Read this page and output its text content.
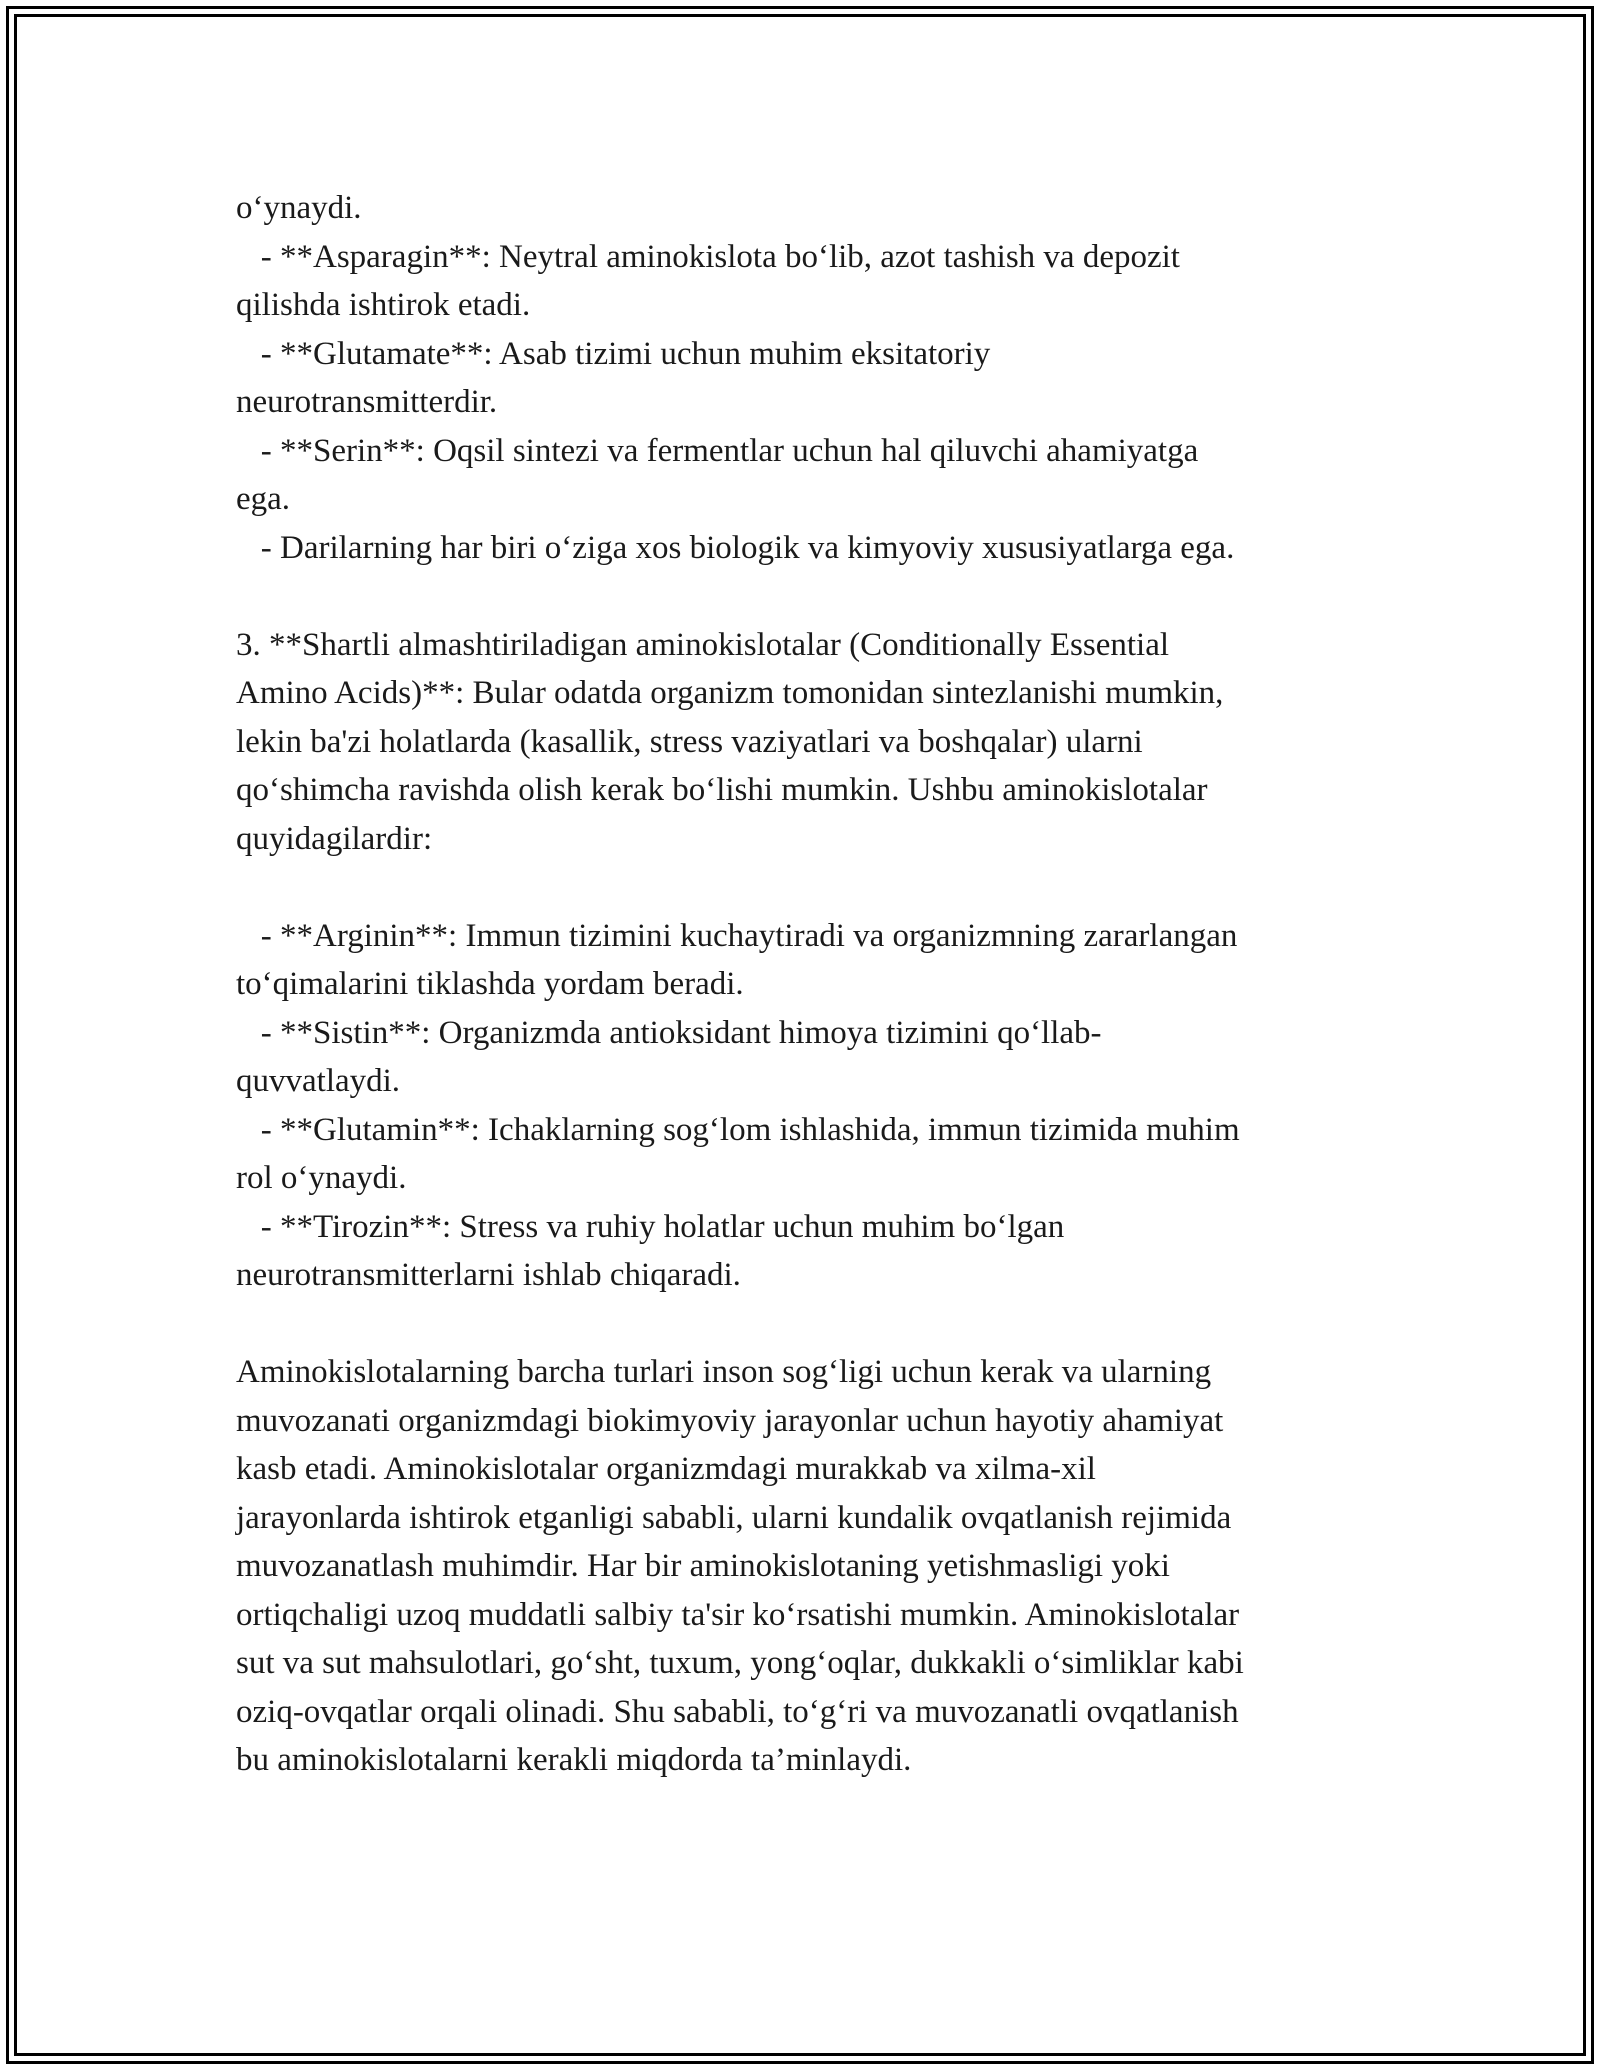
o‘ynaydi.

- **Asparagin**: Neytral aminokislota bo‘lib, azot tashish va depozit

qilishda ishtirok etadi.

- **Glutamate**: Asab tizimi uchun muhim eksitatoriy

neurotransmitterdir.

- **Serin**: Oqsil sintezi va fermentlar uchun hal qiluvchi ahamiyatga

ega.

- Darilarning har biri o‘ziga xos biologik va kimyoviy xususiyatlarga ega.

3. **Shartli almashtiriladigan aminokislotalar (Conditionally Essential

Amino Acids)**: Bular odatda organizm tomonidan sintezlanishi mumkin,

lekin ba'zi holatlarda (kasallik, stress vaziyatlari va boshqalar) ularni

qo‘shimcha ravishda olish kerak bo‘lishi mumkin. Ushbu aminokislotalar

quyidagilardir:

- **Arginin**: Immun tizimini kuchaytiradi va organizmning zararlangan

to‘qimalarini tiklashda yordam beradi.

- **Sistin**: Organizmda antioksidant himoya tizimini qo‘llab-

quvvatlaydi.

- **Glutamin**: Ichaklarning sog‘lom ishlashida, immun tizimida muhim

rol o‘ynaydi.

- **Tirozin**: Stress va ruhiy holatlar uchun muhim bo‘lgan

neurotransmitterlarni ishlab chiqaradi.

Aminokislotalarning barcha turlari inson sog‘ligi uchun kerak va ularning

muvozanati organizmdagi biokimyoviy jarayonlar uchun hayotiy ahamiyat

kasb etadi. Aminokislotalar organizmdagi murakkab va xilma-xil

jarayonlarda ishtirok etganligi sababli, ularni kundalik ovqatlanish rejimida

muvozanatlash muhimdir. Har bir aminokislotaning yetishmasligi yoki

ortiqchaligi uzoq muddatli salbiy ta'sir ko‘rsatishi mumkin. Aminokislotalar

sut va sut mahsulotlari, go‘sht, tuxum, yong‘oqlar, dukkakli o‘simliklar kabi

oziq-ovqatlar orqali olinadi. Shu sababli, to‘g‘ri va muvozanatli ovqatlanish

bu aminokislotalarni kerakli miqdorda ta’minlaydi.
